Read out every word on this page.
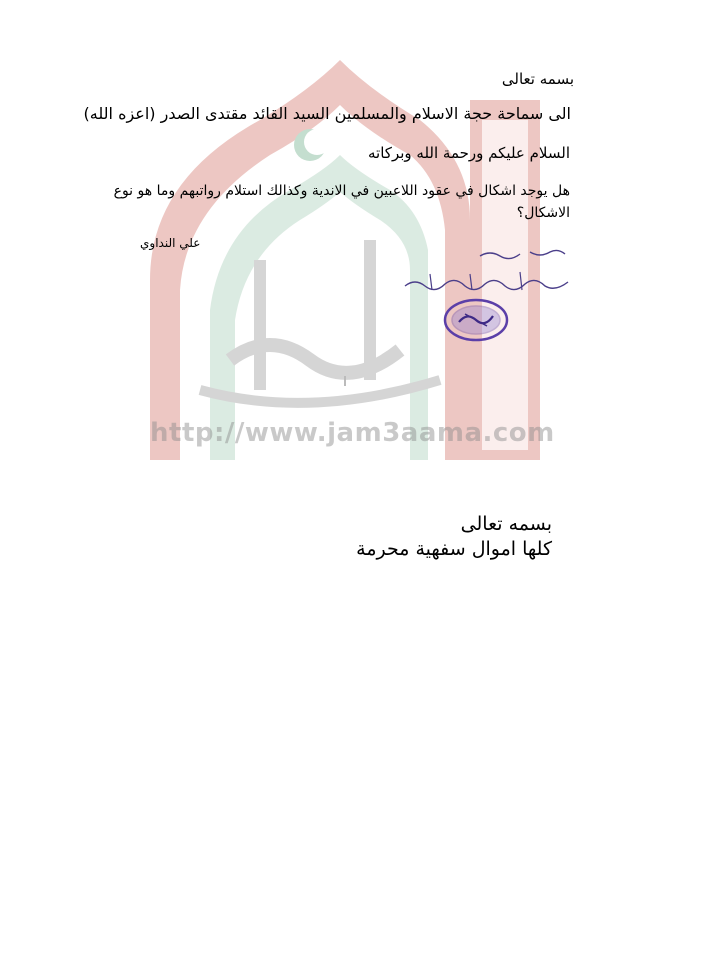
http://www.jam3aama.com
بسمه تعالى
الى سماحة حجة الاسلام والمسلمين السيد القائد مقتدى الصدر (اعزه الله)
السلام عليكم ورحمة الله وبركاته
هل يوجد اشكال في عقود اللاعبين في الاندية وكذالك استلام رواتبهم وما هو نوع الاشكال؟
علي النداوي
بسمه تعالى
كلها اموال سفهية محرمة
